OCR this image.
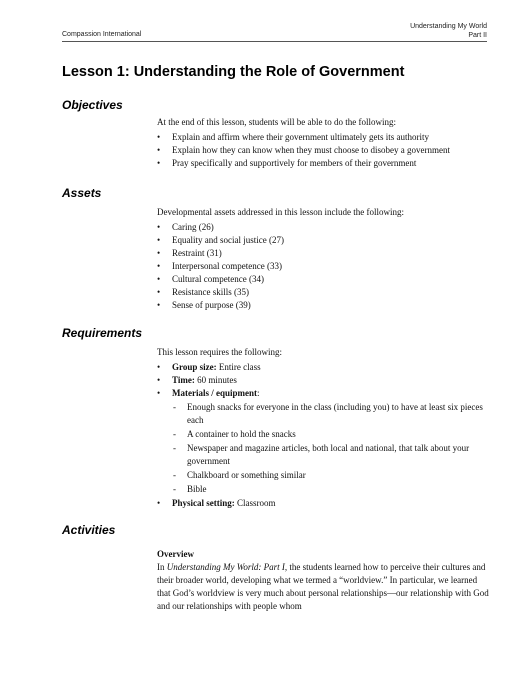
Compassion International
Understanding My World
Part II
Lesson 1: Understanding the Role of Government
Objectives

At the end of this lesson, students will be able to do the following:

• Explain and affirm where their government ultimately gets its authority
• Explain how they can know when they must choose to disobey a government
• Pray specifically and supportively for members of their government
Assets

Developmental assets addressed in this lesson include the following:

• Caring (26)
• Equality and social justice (27)
• Restraint (31)
• Interpersonal competence (33)
• Cultural competence (34)
• Resistance skills (35)
• Sense of purpose (39)
Requirements

This lesson requires the following:

• Group size: Entire class
• Time: 60 minutes
• Materials / equipment:
- Enough snacks for everyone in the class (including you) to have at least six pieces each
- A container to hold the snacks
- Newspaper and magazine articles, both local and national, that talk about your government
- Chalkboard or something similar
- Bible
• Physical setting: Classroom
Activities

Overview

In Understanding My World: Part I, the students learned how to perceive their cultures and their broader world, developing what we termed a “worldview.” In particular, we learned that God’s worldview is very much about personal relationships—our relationship with God and our relationships with people whom
